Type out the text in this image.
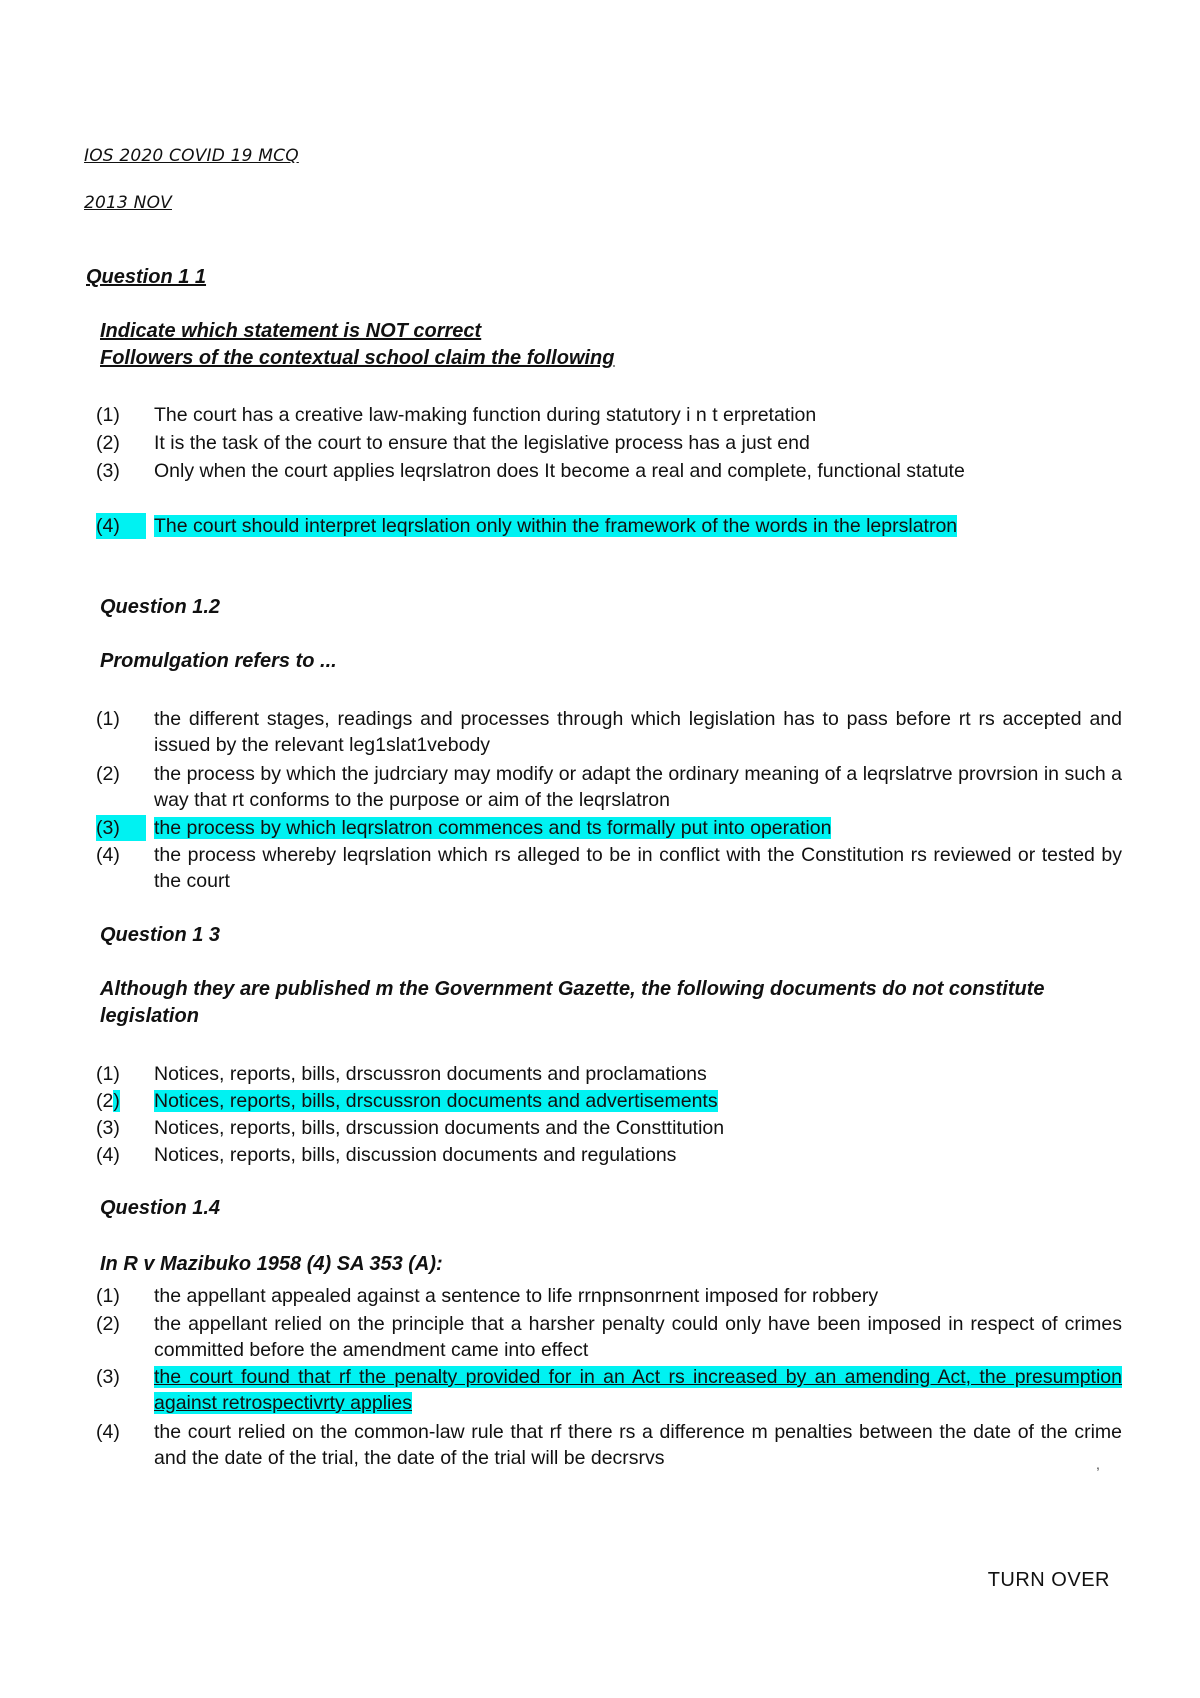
IOS 2020 COVID 19 MCQ
2013 NOV
Question 1 1
Indicate which statement is NOT correct
Followers of the contextual school claim the following
(1)	The court has a creative law-making function during statutory i n t erpretation
(2)	It is the task of the court to ensure that the legislative process has a just end
(3)	Only when the court applies leqrslatron does It become a real and complete, functional statute
(4)	The court should interpret leqrslation only within the framework of the words in the leprslatron
Question 1.2
Promulgation refers to ...
(1)	the different stages, readings and processes through which legislation has to pass before rt rs accepted and issued by the relevant leg1slat1vebody
(2)	the process by which the judrciary may modify or adapt the ordinary meaning of a leqrslatrve provrsion in such a way that rt conforms to the purpose or aim of the leqrslatron
(3)	the process by which leqrslatron commences and ts formally put into operation
(4)	the process whereby leqrslation which rs alleged to be in conflict with the Constitution rs reviewed or tested by the court
Question 1 3
Although they are published m the Government Gazette, the following documents do not constitute legislation
(1)	Notices, reports, bills, drscussron documents and proclamations
(2)	Notices, reports, bills, drscussron documents and advertisements
(3)	Notices, reports, bills, drscussion documents and the Consttitution
(4)	Notices, reports, bills, discussion documents and regulations
Question 1.4
In R v Mazibuko 1958 (4) SA 353 (A):
(1)	the appellant appealed against a sentence to life rrnpnsonrnent imposed for robbery
(2)	the appellant relied on the principle that a harsher penalty could only have been imposed in respect of crimes committed before the amendment came into effect
(3)	the court found that rf the penalty provided for in an Act rs increased by an amending Act, the presumption against retrospectivrty applies
(4)	the court relied on the common-law rule that rf there rs a difference m penalties between the date of the crime and the date of the trial, the date of the trial will be decrsrvs	,
TURN OVER
